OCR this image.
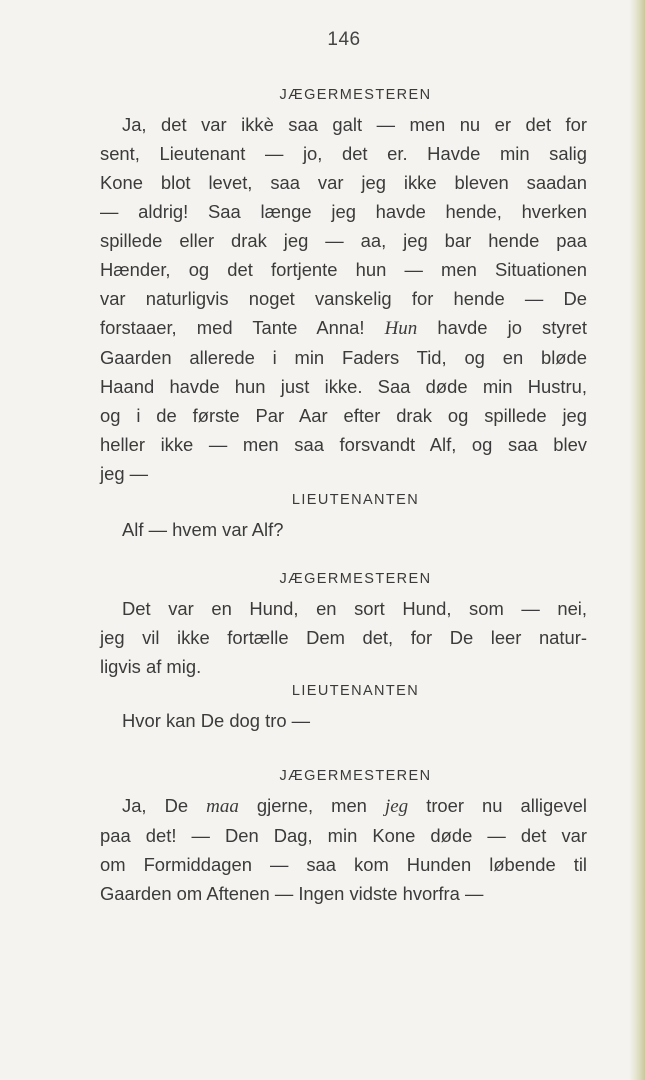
146
JÆGERMESTEREN
Ja, det var ikkè saa galt — men nu er det for
sent, Lieutenant — jo, det er. Havde min salig
Kone blot levet, saa var jeg ikke bleven saadan
— aldrig! Saa længe jeg havde hende, hverken
spillede eller drak jeg — aa, jeg bar hende paa
Hænder, og det fortjente hun — men Situationen
var naturligvis noget vanskelig for hende — De
forstaaer, med Tante Anna! Hun havde jo styret
Gaarden allerede i min Faders Tid, og en bløde
Haand havde hun just ikke. Saa døde min Hustru,
og i de første Par Aar efter drak og spillede jeg
heller ikke — men saa forsvandt Alf, og saa blev
jeg —
LIEUTENANTEN
Alf — hvem var Alf?
JÆGERMESTEREN
Det var en Hund, en sort Hund, som — nei,
jeg vil ikke fortælle Dem det, for De leer natur-
ligvis af mig.
LIEUTENANTEN
Hvor kan De dog tro —
JÆGERMESTEREN
Ja, De maa gjerne, men jeg troer nu alligevel
paa det! — Den Dag, min Kone døde — det var
om Formiddagen — saa kom Hunden løbende til
Gaarden om Aftenen — Ingen vidste hvorfra —
